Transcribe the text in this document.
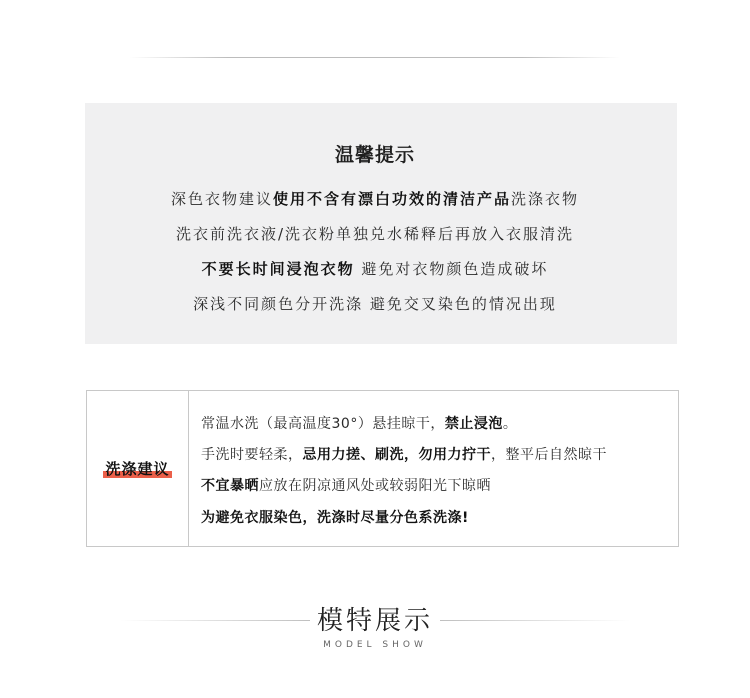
温馨提示
深色衣物建议使用不含有漂白功效的清洁产品洗涤衣物
洗衣前洗衣液/洗衣粉单独兑水稀释后再放入衣服清洗
不要长时间浸泡衣物 避免对衣物颜色造成破坏
深浅不同颜色分开洗涤 避免交叉染色的情况出现
洗涤建议
常温水洗（最高温度30°）悬挂晾干，禁止浸泡。
手洗时要轻柔，忌用力搓、刷洗，勿用力拧干，整平后自然晾干
不宜暴晒应放在阴凉通风处或较弱阳光下晾晒
为避免衣服染色，洗涤时尽量分色系洗涤!
模特展示
MODEL SHOW
